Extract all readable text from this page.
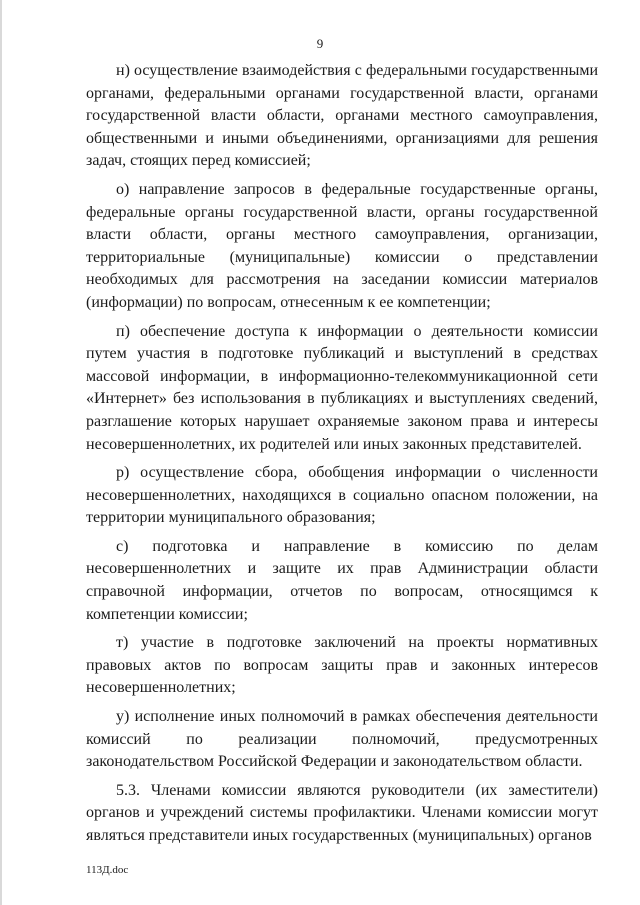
9

н) осуществление взаимодействия с федеральными государственными органами, федеральными органами государственной власти, органами государственной власти области, органами местного самоуправления, общественными и иными объединениями, организациями для решения задач, стоящих перед комиссией;

о) направление запросов в федеральные государственные органы, федеральные органы государственной власти, органы государственной власти области, органы местного самоуправления, организации, территориальные (муниципальные) комиссии о представлении необходимых для рассмотрения на заседании комиссии материалов (информации) по вопросам, отнесенным к ее компетенции;

п) обеспечение доступа к информации о деятельности комиссии путем участия в подготовке публикаций и выступлений в средствах массовой информации, в информационно-телекоммуникационной сети «Интернет» без использования в публикациях и выступлениях сведений, разглашение которых нарушает охраняемые законом права и интересы несовершеннолетних, их родителей или иных законных представителей.

р) осуществление сбора, обобщения информации о численности несовершеннолетних, находящихся в социально опасном положении, на территории муниципального образования;

с) подготовка и направление в комиссию по делам несовершеннолетних и защите их прав Администрации области справочной информации, отчетов по вопросам, относящимся к компетенции комиссии;

т) участие в подготовке заключений на проекты нормативных правовых актов по вопросам защиты прав и законных интересов несовершеннолетних;

у) исполнение иных полномочий в рамках обеспечения деятельности комиссий по реализации полномочий, предусмотренных законодательством Российской Федерации и законодательством области.

5.3. Членами комиссии являются руководители (их заместители) органов и учреждений системы профилактики. Членами комиссии могут являться представители иных государственных (муниципальных) органов

113Д.doc
